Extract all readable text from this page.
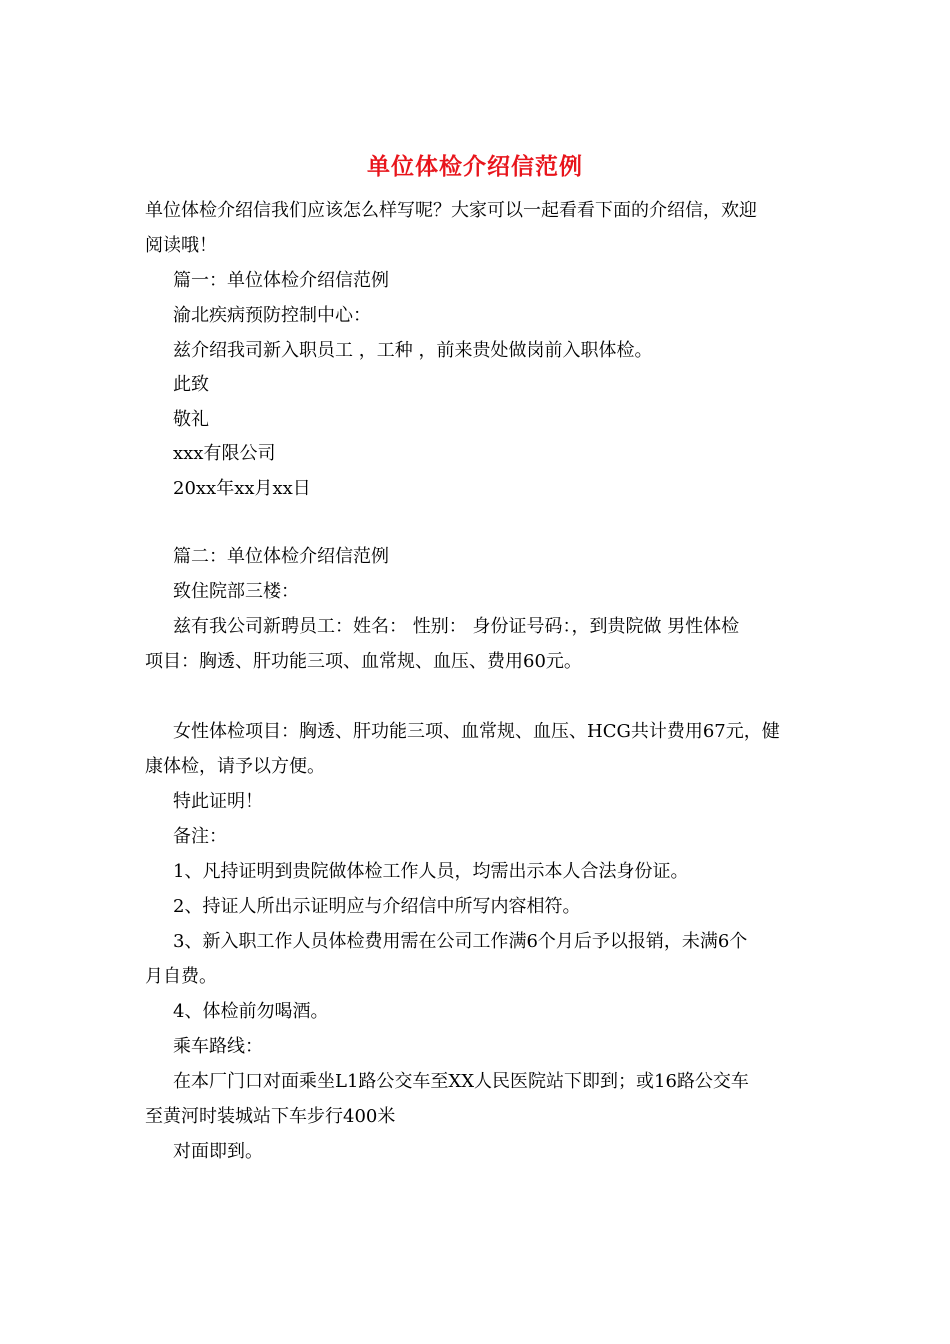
单位体检介绍信范例
单位体检介绍信我们应该怎么样写呢？大家可以一起看看下面的介绍信，欢迎
阅读哦！
篇一：单位体检介绍信范例
渝北疾病预防控制中心：
兹介绍我司新入职员工 ，工种 ，前来贵处做岗前入职体检。
此致
敬礼
xxx有限公司
20xx年xx月xx日
篇二：单位体检介绍信范例
致住院部三楼：
兹有我公司新聘员工：姓名： 性别： 身份证号码：，到贵院做 男性体检
项目：胸透、肝功能三项、血常规、血压、费用60元。
女性体检项目：胸透、肝功能三项、血常规、血压、HCG共计费用67元，健
康体检，请予以方便。
特此证明！
备注：
1、凡持证明到贵院做体检工作人员，均需出示本人合法身份证。
2、持证人所出示证明应与介绍信中所写内容相符。
3、新入职工作人员体检费用需在公司工作满6个月后予以报销，未满6个
月自费。
4、体检前勿喝酒。
乘车路线：
在本厂门口对面乘坐L1路公交车至XX人民医院站下即到；或16路公交车
至黄河时装城站下车步行400米
对面即到。
